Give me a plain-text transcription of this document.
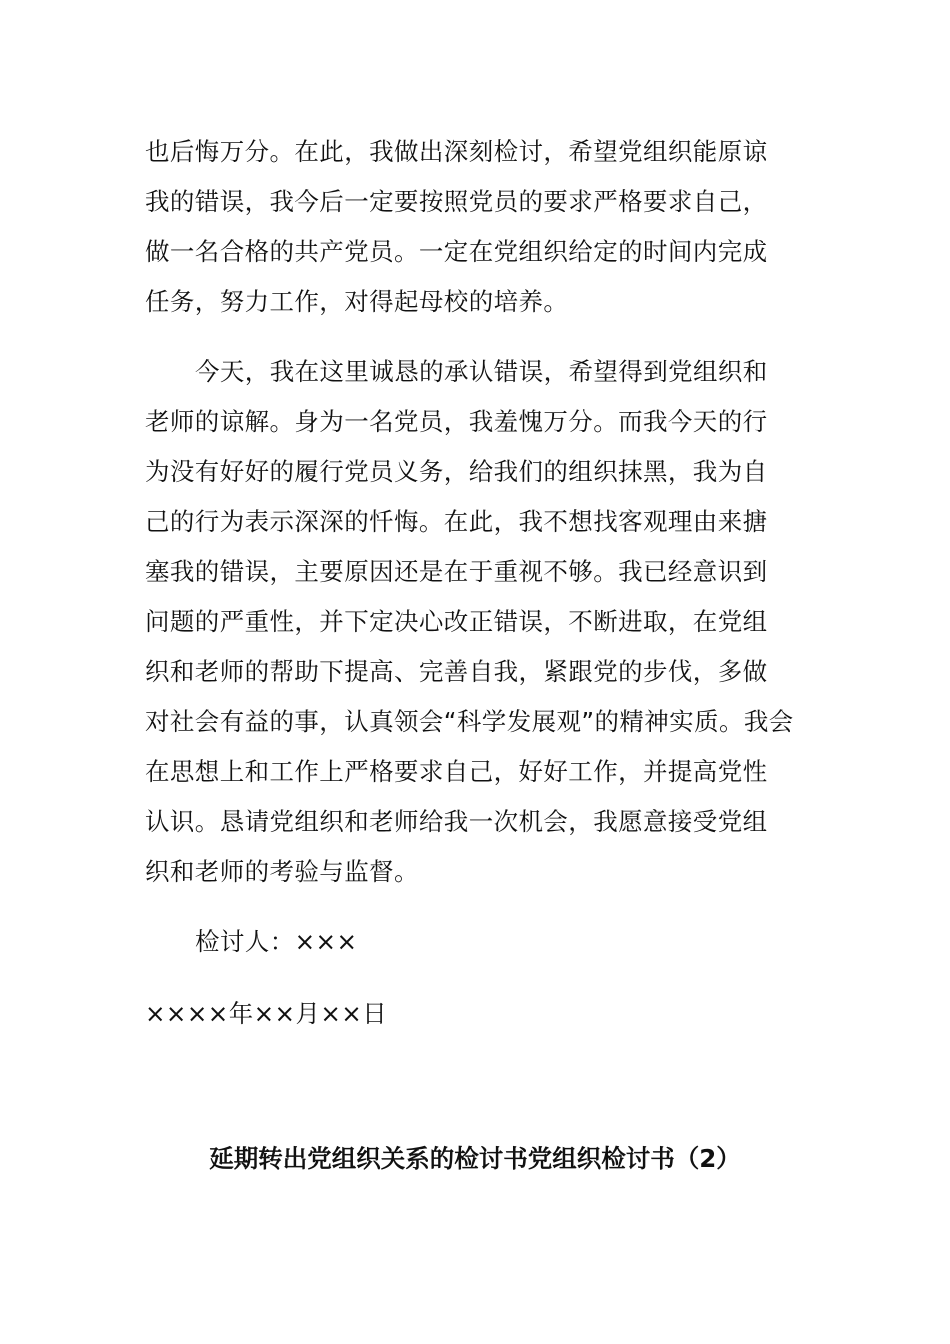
也后悔万分。在此，我做出深刻检讨，希望党组织能原谅
我的错误，我今后一定要按照党员的要求严格要求自己，
做一名合格的共产党员。一定在党组织给定的时间内完成
任务，努力工作，对得起母校的培养。
今天，我在这里诚恳的承认错误，希望得到党组织和
老师的谅解。身为一名党员，我羞愧万分。而我今天的行
为没有好好的履行党员义务，给我们的组织抹黑，我为自
己的行为表示深深的忏悔。在此，我不想找客观理由来搪
塞我的错误，主要原因还是在于重视不够。我已经意识到
问题的严重性，并下定决心改正错误，不断进取，在党组
织和老师的帮助下提高、完善自我，紧跟党的步伐，多做
对社会有益的事，认真领会“科学发展观”的精神实质。我会
在思想上和工作上严格要求自己，好好工作，并提高党性
认识。恳请党组织和老师给我一次机会，我愿意接受党组
织和老师的考验与监督。
检讨人：×××
××××年××月××日
延期转出党组织关系的检讨书党组织检讨书（2）
